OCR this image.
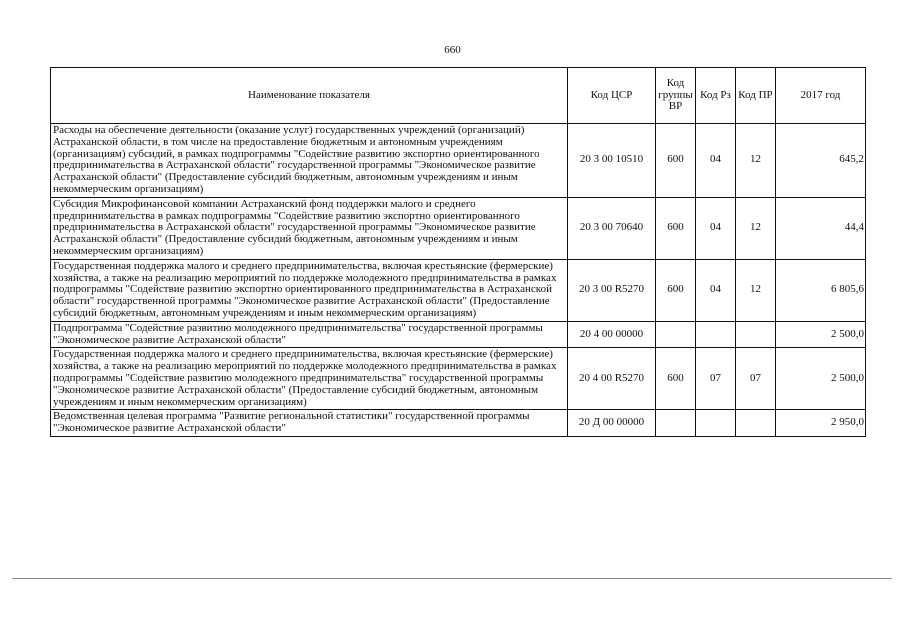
660
Наименование показателя	Код ЦСР	Код группы ВР	Код Рз	Код ПР	2017 год
Расходы на обеспечение деятельности (оказание услуг) государственных учреждений (организаций) Астраханской области, в том числе на предоставление бюджетным и автономным учреждениям (организациям) субсидий, в рамках подпрограммы "Содействие развитию экспортно ориентированного предпринимательства в Астраханской области" государственной программы "Экономическое развитие Астраханской области" (Предоставление субсидий бюджетным, автономным учреждениям и иным некоммерческим организациям)	20 3 00 10510	600	04	12	645,2
Субсидия Микрофинансовой компании Астраханский фонд поддержки малого и среднего предпринимательства в рамках подпрограммы "Содействие развитию экспортно ориентированного предпринимательства в Астраханской области" государственной программы "Экономическое развитие Астраханской области" (Предоставление субсидий бюджетным, автономным учреждениям и иным некоммерческим организациям)	20 3 00 70640	600	04	12	44,4
Государственная поддержка малого и среднего предпринимательства, включая крестьянские (фермерские) хозяйства, а также на реализацию мероприятий по поддержке молодежного предпринимательства в рамках подпрограммы "Содействие развитию экспортно ориентированного предпринимательства в Астраханской области" государственной программы "Экономическое развитие Астраханской области" (Предоставление субсидий бюджетным, автономным учреждениям и иным некоммерческим организациям)	20 3 00 R5270	600	04	12	6 805,6
Подпрограмма "Содействие развитию молодежного предпринимательства" государственной программы "Экономическое развитие Астраханской области"	20 4 00 00000				2 500,0
Государственная поддержка малого и среднего предпринимательства, включая крестьянские (фермерские) хозяйства, а также на реализацию мероприятий по поддержке молодежного предпринимательства в рамках подпрограммы "Содействие развитию молодежного предпринимательства" государственной программы "Экономическое развитие Астраханской области" (Предоставление субсидий бюджетным, автономным учреждениям и иным некоммерческим организациям)	20 4 00 R5270	600	07	07	2 500,0
Ведомственная целевая программа "Развитие региональной статистики" государственной программы "Экономическое развитие Астраханской области"	20 Д 00 00000				2 950,0
